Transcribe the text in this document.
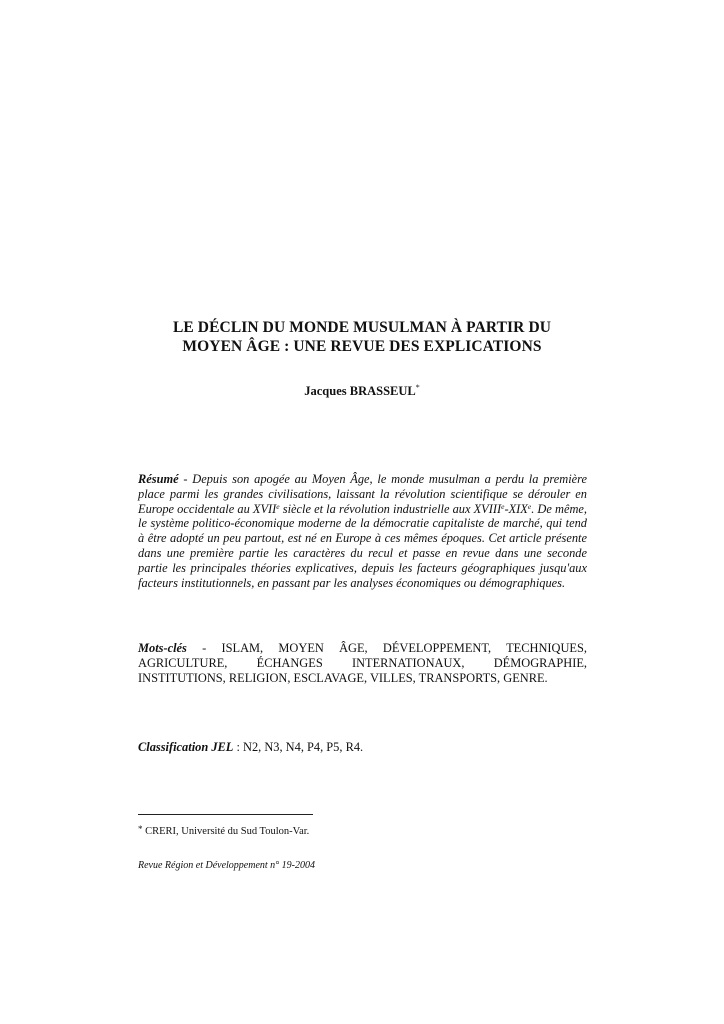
LE DÉCLIN DU MONDE MUSULMAN À PARTIR DU
MOYEN ÂGE : UNE REVUE DES EXPLICATIONS
Jacques BRASSEUL*
Résumé - Depuis son apogée au Moyen Âge, le monde musulman a perdu la première place parmi les grandes civilisations, laissant la révolution scientifique se dérouler en Europe occidentale au XVIIe siècle et la révolution industrielle aux XVIIIe-XIXe. De même, le système politico-économique moderne de la démocratie capitaliste de marché, qui tend à être adopté un peu partout, est né en Europe à ces mêmes époques. Cet article présente dans une première partie les caractères du recul et passe en revue dans une seconde partie les principales théories explicatives, depuis les facteurs géographiques jusqu'aux facteurs institutionnels, en passant par les analyses économiques ou démographiques.
Mots-clés - ISLAM, MOYEN ÂGE, DÉVELOPPEMENT, TECHNIQUES, AGRICULTURE, ÉCHANGES INTERNATIONAUX, DÉMOGRAPHIE, INSTITUTIONS, RELIGION, ESCLAVAGE, VILLES, TRANSPORTS, GENRE.
Classification JEL : N2, N3, N4, P4, P5, R4.
* CRERI, Université du Sud Toulon-Var.
Revue Région et Développement n° 19-2004
